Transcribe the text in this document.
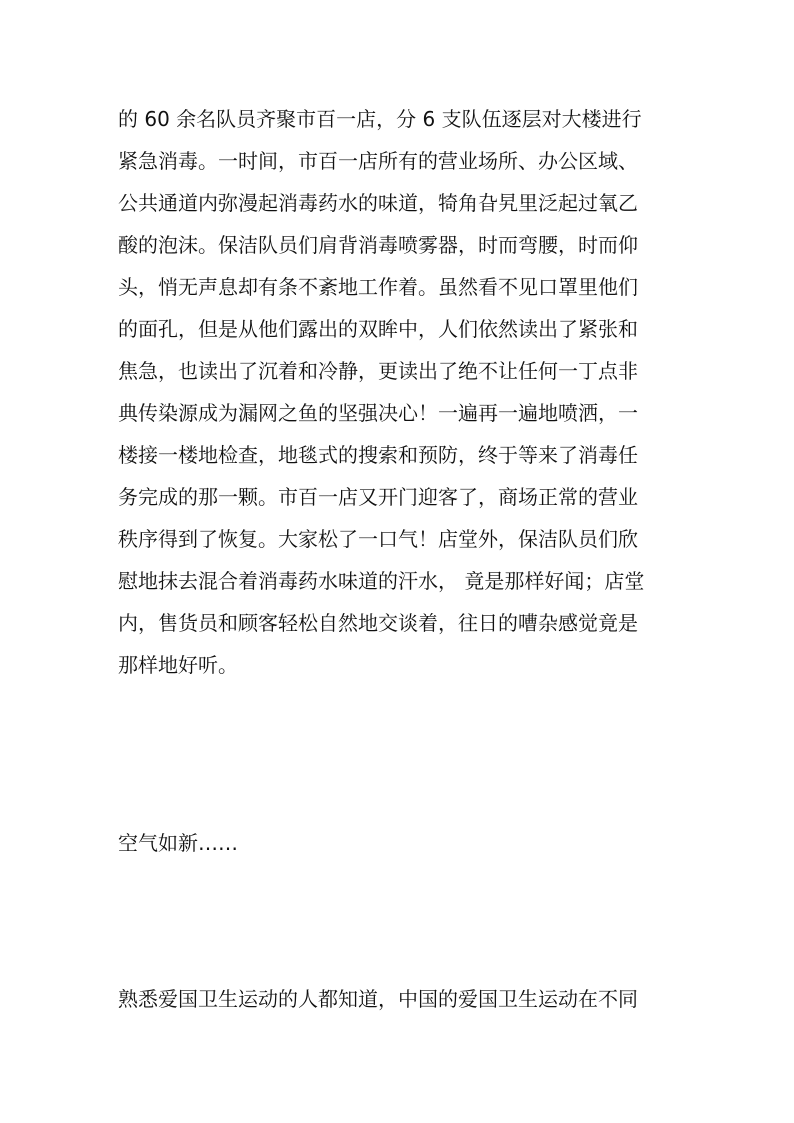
的 60 余名队员齐聚市百一店，分 6 支队伍逐层对大楼进行
紧急消毒。一时间，市百一店所有的营业场所、办公区域、
公共通道内弥漫起消毒药水的味道，犄角旮旯里泛起过氧乙
酸的泡沫。保洁队员们肩背消毒喷雾器，时而弯腰，时而仰
头，悄无声息却有条不紊地工作着。虽然看不见口罩里他们
的面孔，但是从他们露出的双眸中，人们依然读出了紧张和
焦急，也读出了沉着和冷静，更读出了绝不让任何一丁点非
典传染源成为漏网之鱼的坚强决心！一遍再一遍地喷洒，一
楼接一楼地检查，地毯式的搜索和预防，终于等来了消毒任
务完成的那一颗。市百一店又开门迎客了，商场正常的营业
秩序得到了恢复。大家松了一口气！店堂外，保洁队员们欣
慰地抹去混合着消毒药水味道的汗水， 竟是那样好闻；店堂
内，售货员和顾客轻松自然地交谈着，往日的嘈杂感觉竟是
那样地好听。
空气如新……
熟悉爱国卫生运动的人都知道，中国的爱国卫生运动在不同
